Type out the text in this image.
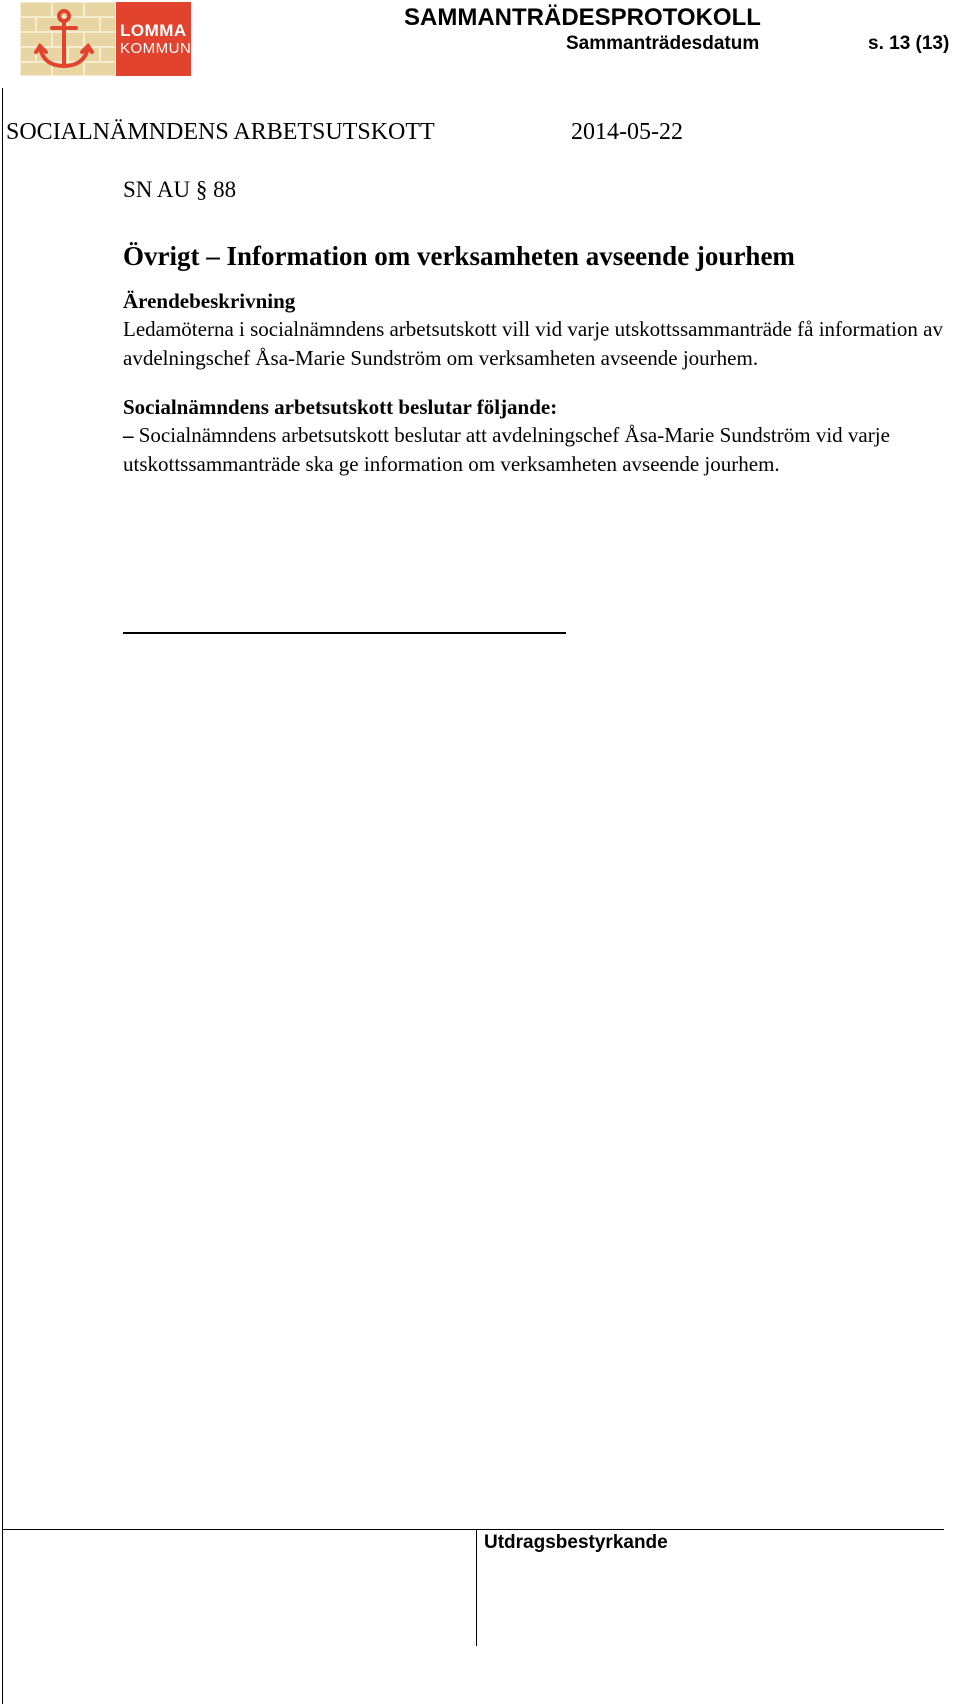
LOMMA
KOMMUN
SAMMANTRÄDESPROTOKOLL
Sammanträdesdatum	s. 13 (13)
SOCIALNÄMNDENS ARBETSUTSKOTT	2014-05-22

SN AU § 88

Övrigt – Information om verksamheten avseende jourhem
Ärendebeskrivning

Ledamöterna i socialnämndens arbetsutskott vill vid varje utskottssammanträde få information av avdelningschef Åsa-Marie Sundström om verksamheten avseende jourhem.

Socialnämndens arbetsutskott beslutar följande:

– Socialnämndens arbetsutskott beslutar att avdelningschef Åsa-Marie Sundström vid varje utskottssammanträde ska ge information om verksamheten avseende jourhem.

Utdragsbestyrkande
